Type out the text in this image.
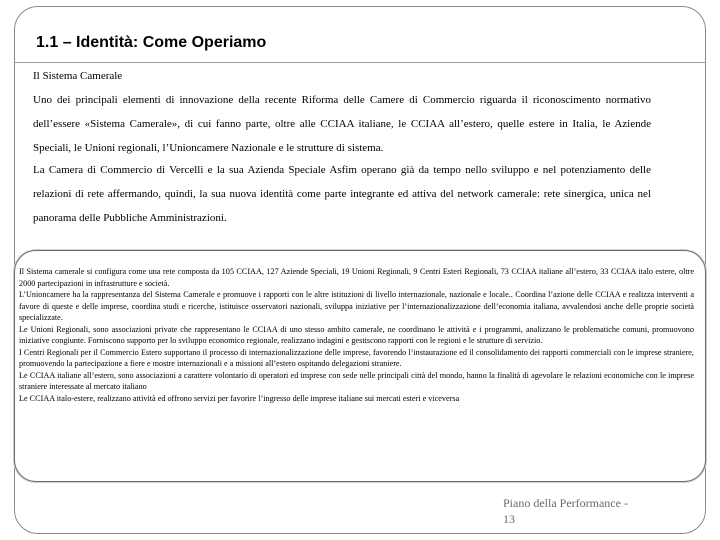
1.1 – Identità: Come Operiamo

Il Sistema Camerale

Uno dei principali elementi di innovazione della recente Riforma delle Camere di Commercio riguarda il riconoscimento normativo dell’essere «Sistema Camerale», di cui fanno parte, oltre alle CCIAA italiane, le CCIAA all’estero, quelle estere in Italia, le Aziende Speciali, le Unioni regionali, l’Unioncamere Nazionale e le strutture di sistema.

La Camera di Commercio di Vercelli e la sua Azienda Speciale Asfim operano già da tempo nello sviluppo e nel potenziamento delle relazioni di rete affermando, quindi, la sua nuova identità come parte integrante ed attiva del network camerale: rete sinergica, unica nel panorama delle Pubbliche Amministrazioni.

Il Sistema camerale si configura come una rete composta da 105 CCIAA, 127 Aziende Speciali, 19 Unioni Regionali, 9 Centri Esteri Regionali, 73 CCIAA italiane all’estero, 33 CCIAA italo estere, oltre 2000 partecipazioni in infrastrutture e società.

L’Unioncamere ha la rappresentanza del Sistema Camerale e promuove i rapporti con le altre istituzioni di livello internazionale, nazionale e locale.. Coordina l’azione delle CCIAA e realizza interventi a favore di queste e delle imprese, coordina studi e ricerche, istituisce osservatori nazionali, sviluppa iniziative per l’internazionalizzazione dell’economia italiana, avvalendosi anche delle proprie società specializzate.

Le Unioni Regionali, sono associazioni private che rappresentano le CCIAA di uno stesso ambito camerale, ne coordinano le attività e i programmi, analizzano le problematiche comuni, promuovono iniziative congiunte. Forniscono supporto per lo sviluppo economico regionale, realizzano indagini e gestiscono rapporti con le regioni e le strutture di servizio.

I Centri Regionali per il Commercio Estero supportano il processo di internazionalizzazione delle imprese, favorendo l’instaurazione ed il consolidamento dei rapporti commerciali con le imprese straniere, promuovendo la partecipazione a fiere e mostre internazionali e a missioni all’estero ospitando delegazioni straniere.

Le CCIAA italiane all’estero, sono associazioni a carattere volontario di operatori ed imprese con sede nelle principali città del mondo, hanno la finalità di agevolare le relazioni economiche con le imprese straniere interessate al mercato italiano

Le CCIAA italo-estere, realizzano attività ed offrono servizi per favorire l’ingresso delle imprese italiane sui mercati esteri e viceversa

Piano della Performance -
13
